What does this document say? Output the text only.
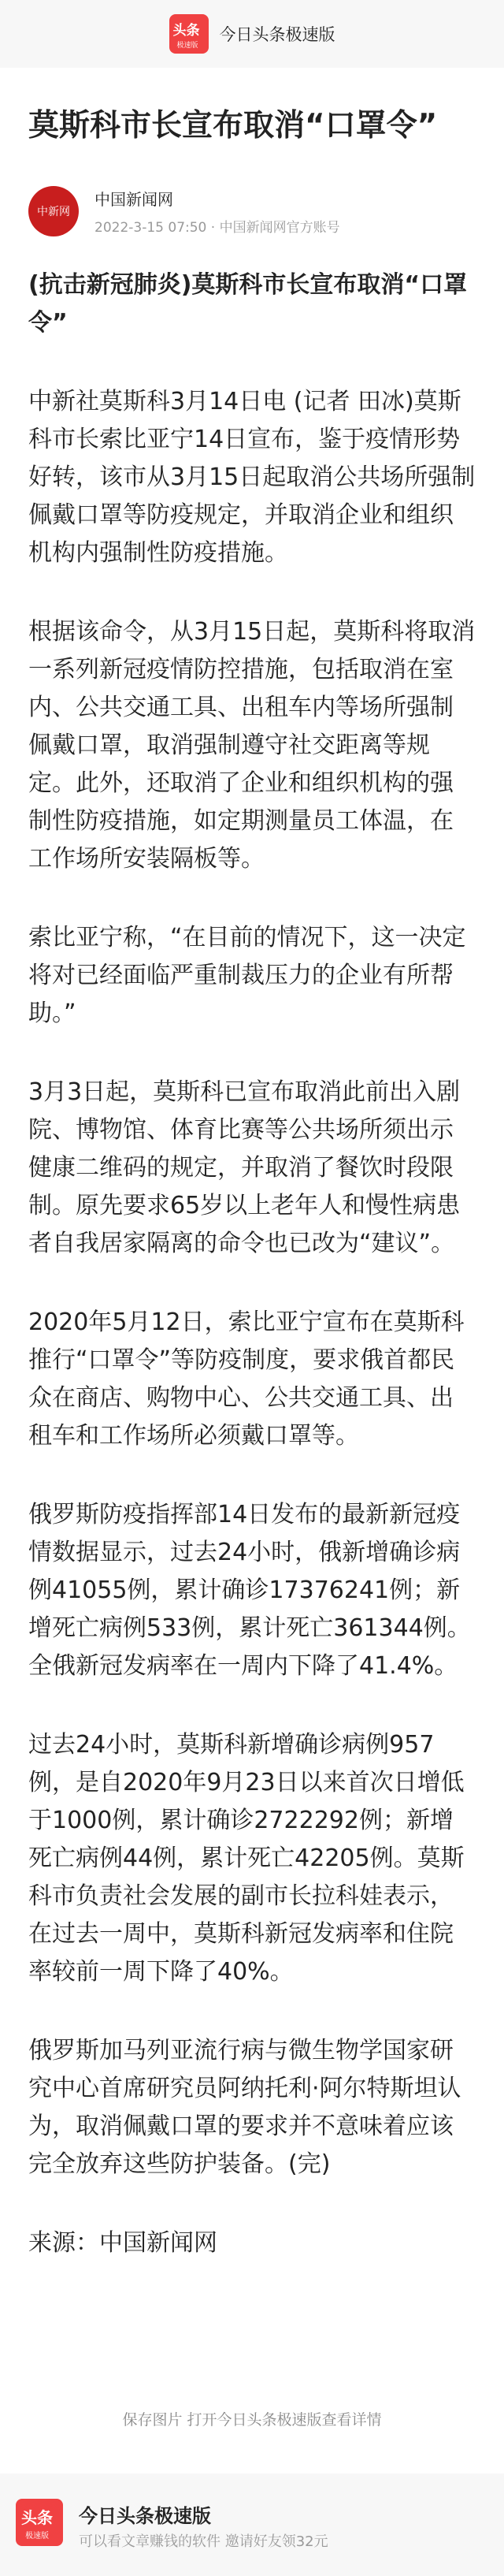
头条
极速版
今日头条极速版
莫斯科市长宣布取消“口罩令”
中新网
中国新闻网
2022-3-15 07:50 · 中国新闻网官方账号

(抗击新冠肺炎)莫斯科市长宣布取消“口罩令”

中新社莫斯科3月14日电 (记者 田冰)莫斯科市长索比亚宁14日宣布，鉴于疫情形势好转，该市从3月15日起取消公共场所强制佩戴口罩等防疫规定，并取消企业和组织机构内强制性防疫措施。

根据该命令，从3月15日起，莫斯科将取消一系列新冠疫情防控措施，包括取消在室内、公共交通工具、出租车内等场所强制佩戴口罩，取消强制遵守社交距离等规定。此外，还取消了企业和组织机构的强制性防疫措施，如定期测量员工体温，在工作场所安装隔板等。

索比亚宁称，“在目前的情况下，这一决定将对已经面临严重制裁压力的企业有所帮助。”

3月3日起，莫斯科已宣布取消此前出入剧院、博物馆、体育比赛等公共场所须出示健康二维码的规定，并取消了餐饮时段限制。原先要求65岁以上老年人和慢性病患者自我居家隔离的命令也已改为“建议”。

2020年5月12日，索比亚宁宣布在莫斯科推行“口罩令”等防疫制度，要求俄首都民众在商店、购物中心、公共交通工具、出租车和工作场所必须戴口罩等。

俄罗斯防疫指挥部14日发布的最新新冠疫情数据显示，过去24小时，俄新增确诊病例41055例，累计确诊17376241例；新增死亡病例533例，累计死亡361344例。全俄新冠发病率在一周内下降了41.4%。

过去24小时，莫斯科新增确诊病例957例，是自2020年9月23日以来首次日增低于1000例，累计确诊2722292例；新增死亡病例44例，累计死亡42205例。莫斯科市负责社会发展的副市长拉科娃表示，在过去一周中，莫斯科新冠发病率和住院率较前一周下降了40%。

俄罗斯加马列亚流行病与微生物学国家研究中心首席研究员阿纳托利·阿尔特斯坦认为，取消佩戴口罩的要求并不意味着应该完全放弃这些防护装备。(完)

来源：中国新闻网

保存图片 打开今日头条极速版查看详情
头条
极速版
今日头条极速版
可以看文章赚钱的软件 邀请好友领32元
